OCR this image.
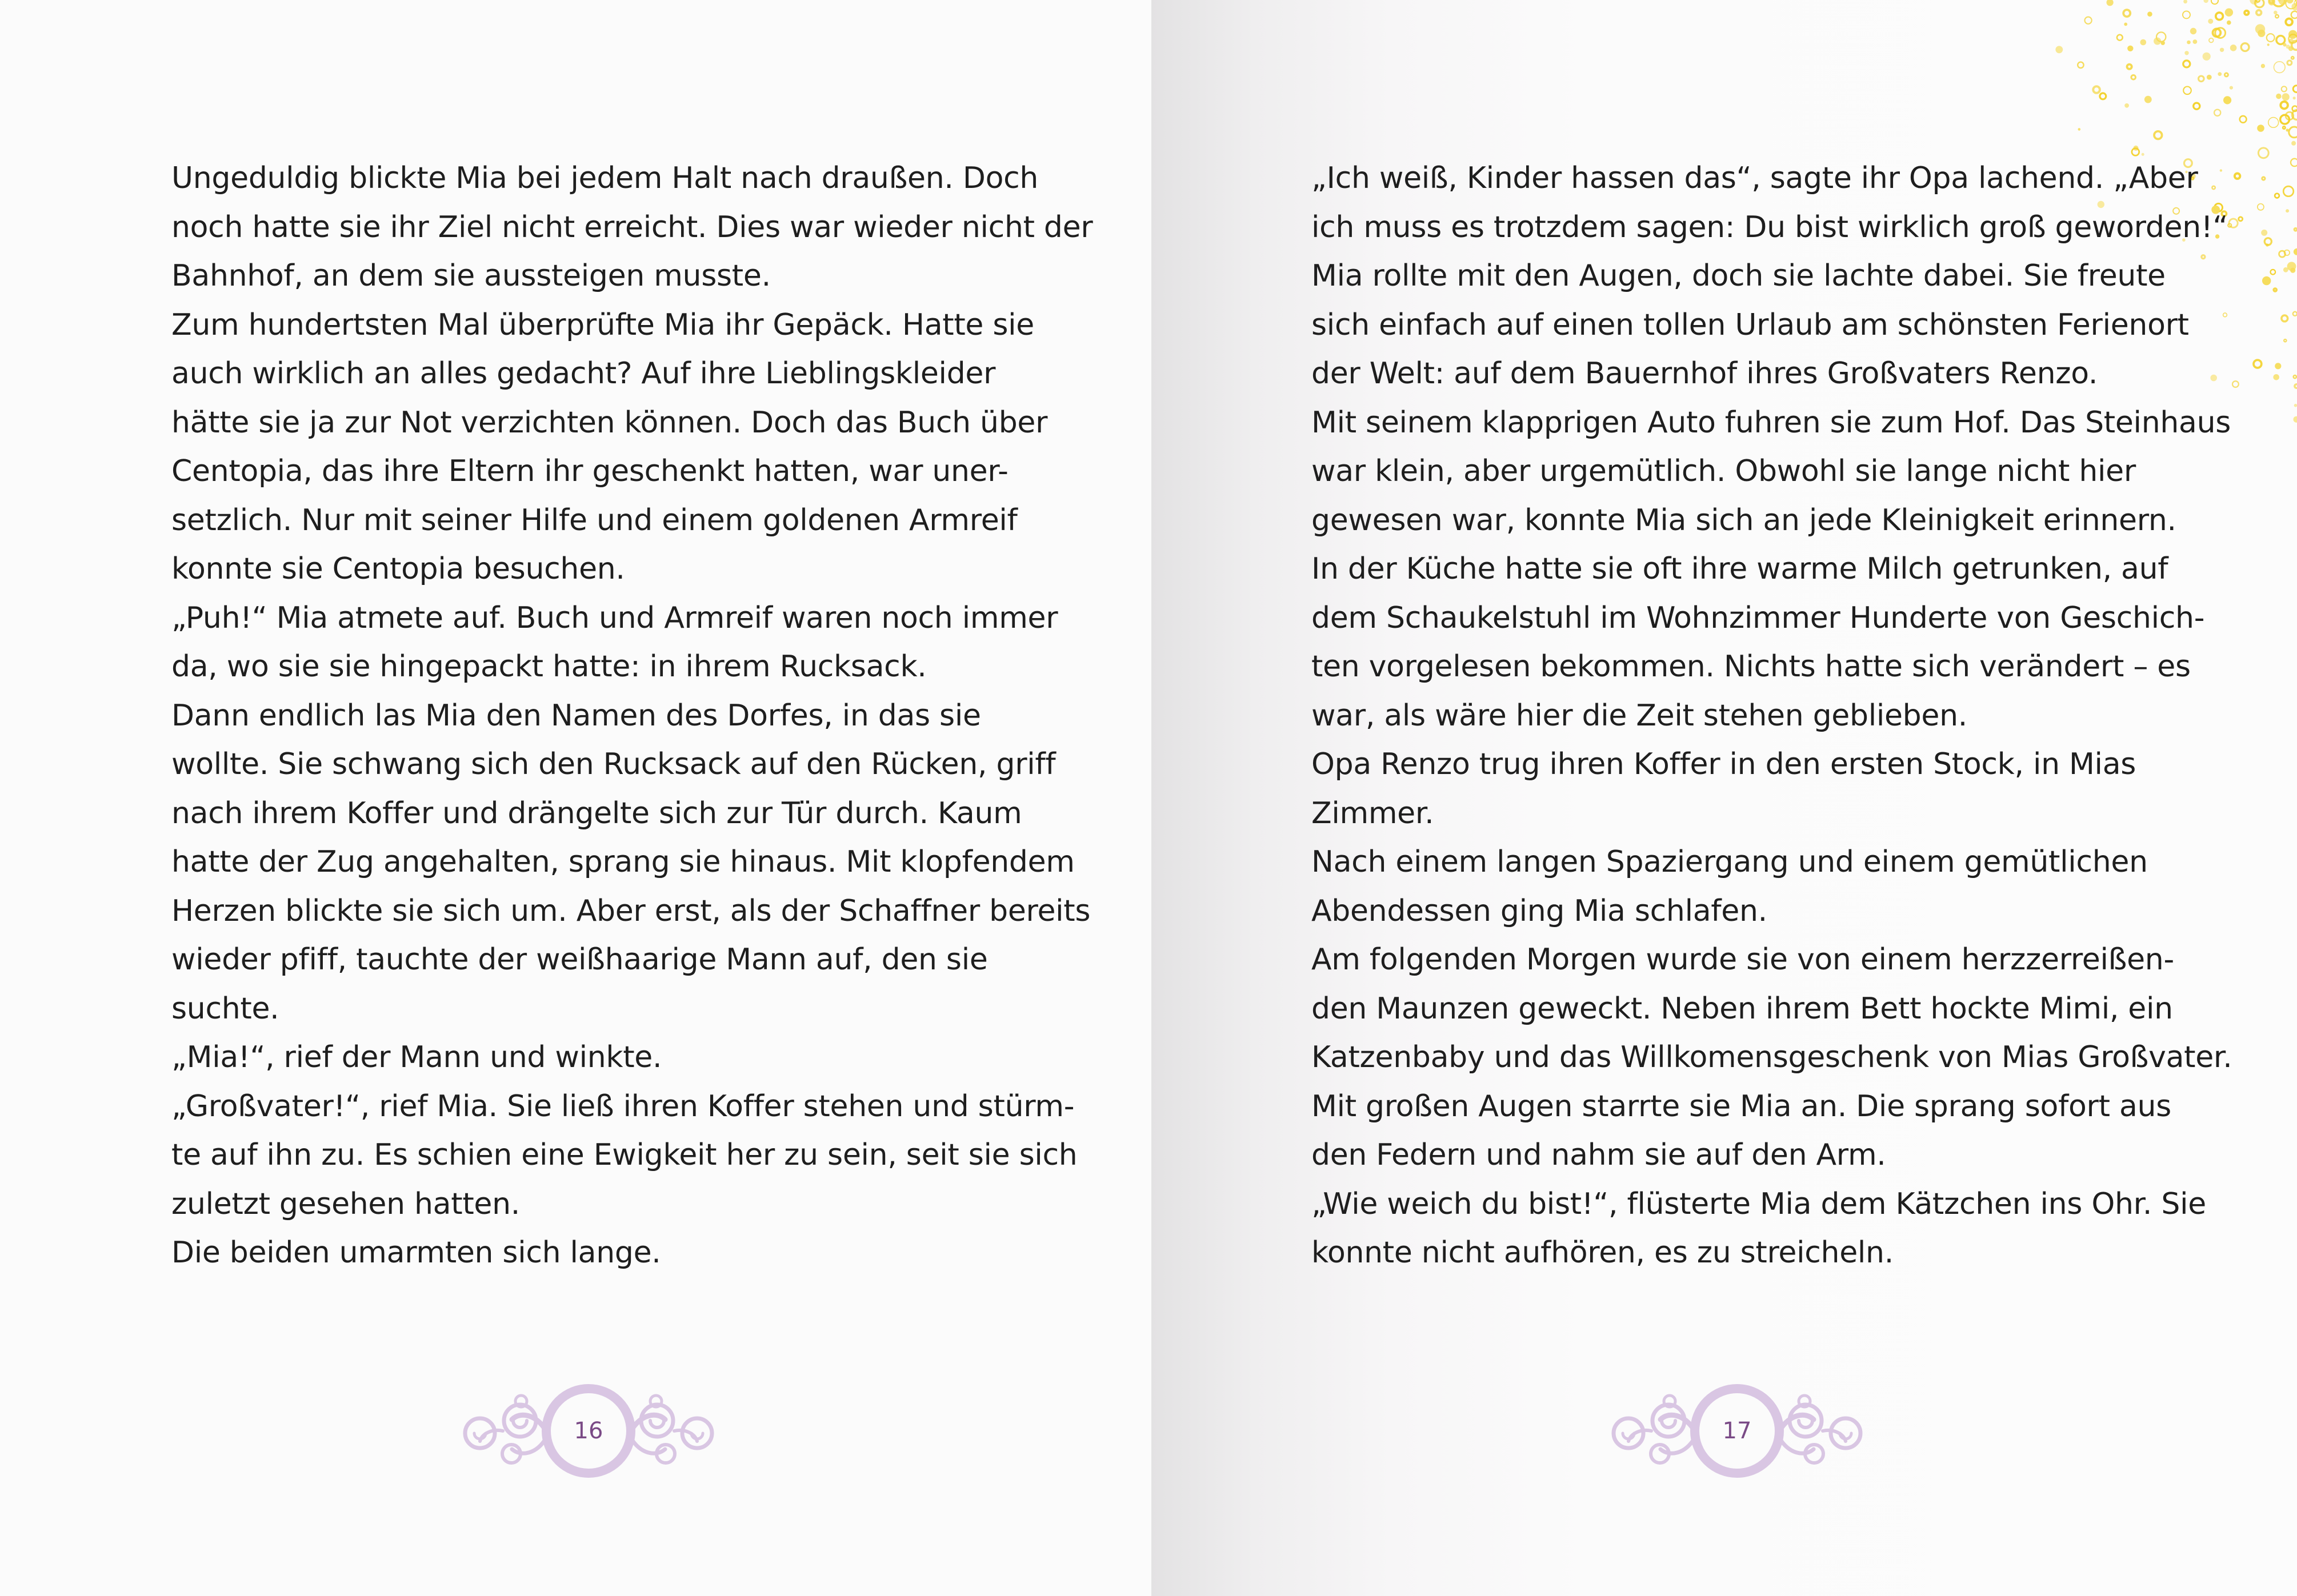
Ungeduldig blickte Mia bei jedem Halt nach draußen. Doch
noch hatte sie ihr Ziel nicht erreicht. Dies war wieder nicht der
Bahnhof, an dem sie aussteigen musste.
Zum hundertsten Mal überprüfte Mia ihr Gepäck. Hatte sie
auch wirklich an alles gedacht? Auf ihre Lieblingskleider
hätte sie ja zur Not verzichten können. Doch das Buch über
Centopia, das ihre Eltern ihr geschenkt hatten, war uner-
setzlich. Nur mit seiner Hilfe und einem goldenen Armreif
konnte sie Centopia besuchen.
„Puh!“ Mia atmete auf. Buch und Armreif waren noch immer
da, wo sie sie hingepackt hatte: in ihrem Rucksack.
Dann endlich las Mia den Namen des Dorfes, in das sie
wollte. Sie schwang sich den Rucksack auf den Rücken, griff
nach ihrem Koffer und drängelte sich zur Tür durch. Kaum
hatte der Zug angehalten, sprang sie hinaus. Mit klopfendem
Herzen blickte sie sich um. Aber erst, als der Schaffner bereits
wieder pfiff, tauchte der weißhaarige Mann auf, den sie
suchte.
„Mia!“, rief der Mann und winkte.
„Großvater!“, rief Mia. Sie ließ ihren Koffer stehen und stürm-
te auf ihn zu. Es schien eine Ewigkeit her zu sein, seit sie sich
zuletzt gesehen hatten.
Die beiden umarmten sich lange.
16
„Ich weiß, Kinder hassen das“, sagte ihr Opa lachend. „Aber
ich muss es trotzdem sagen: Du bist wirklich groß geworden!“
Mia rollte mit den Augen, doch sie lachte dabei. Sie freute
sich einfach auf einen tollen Urlaub am schönsten Ferienort
der Welt: auf dem Bauernhof ihres Großvaters Renzo.
Mit seinem klapprigen Auto fuhren sie zum Hof. Das Steinhaus
war klein, aber urgemütlich. Obwohl sie lange nicht hier
gewesen war, konnte Mia sich an jede Kleinigkeit erinnern.
In der Küche hatte sie oft ihre warme Milch getrunken, auf
dem Schaukelstuhl im Wohnzimmer Hunderte von Geschich-
ten vorgelesen bekommen. Nichts hatte sich verändert – es
war, als wäre hier die Zeit stehen geblieben.
Opa Renzo trug ihren Koffer in den ersten Stock, in Mias
Zimmer.
Nach einem langen Spaziergang und einem gemütlichen
Abendessen ging Mia schlafen.
Am folgenden Morgen wurde sie von einem herzzerreißen-
den Maunzen geweckt. Neben ihrem Bett hockte Mimi, ein
Katzenbaby und das Willkomensgeschenk von Mias Großvater.
Mit großen Augen starrte sie Mia an. Die sprang sofort aus
den Federn und nahm sie auf den Arm.
„Wie weich du bist!“, flüsterte Mia dem Kätzchen ins Ohr. Sie
konnte nicht aufhören, es zu streicheln.
17
